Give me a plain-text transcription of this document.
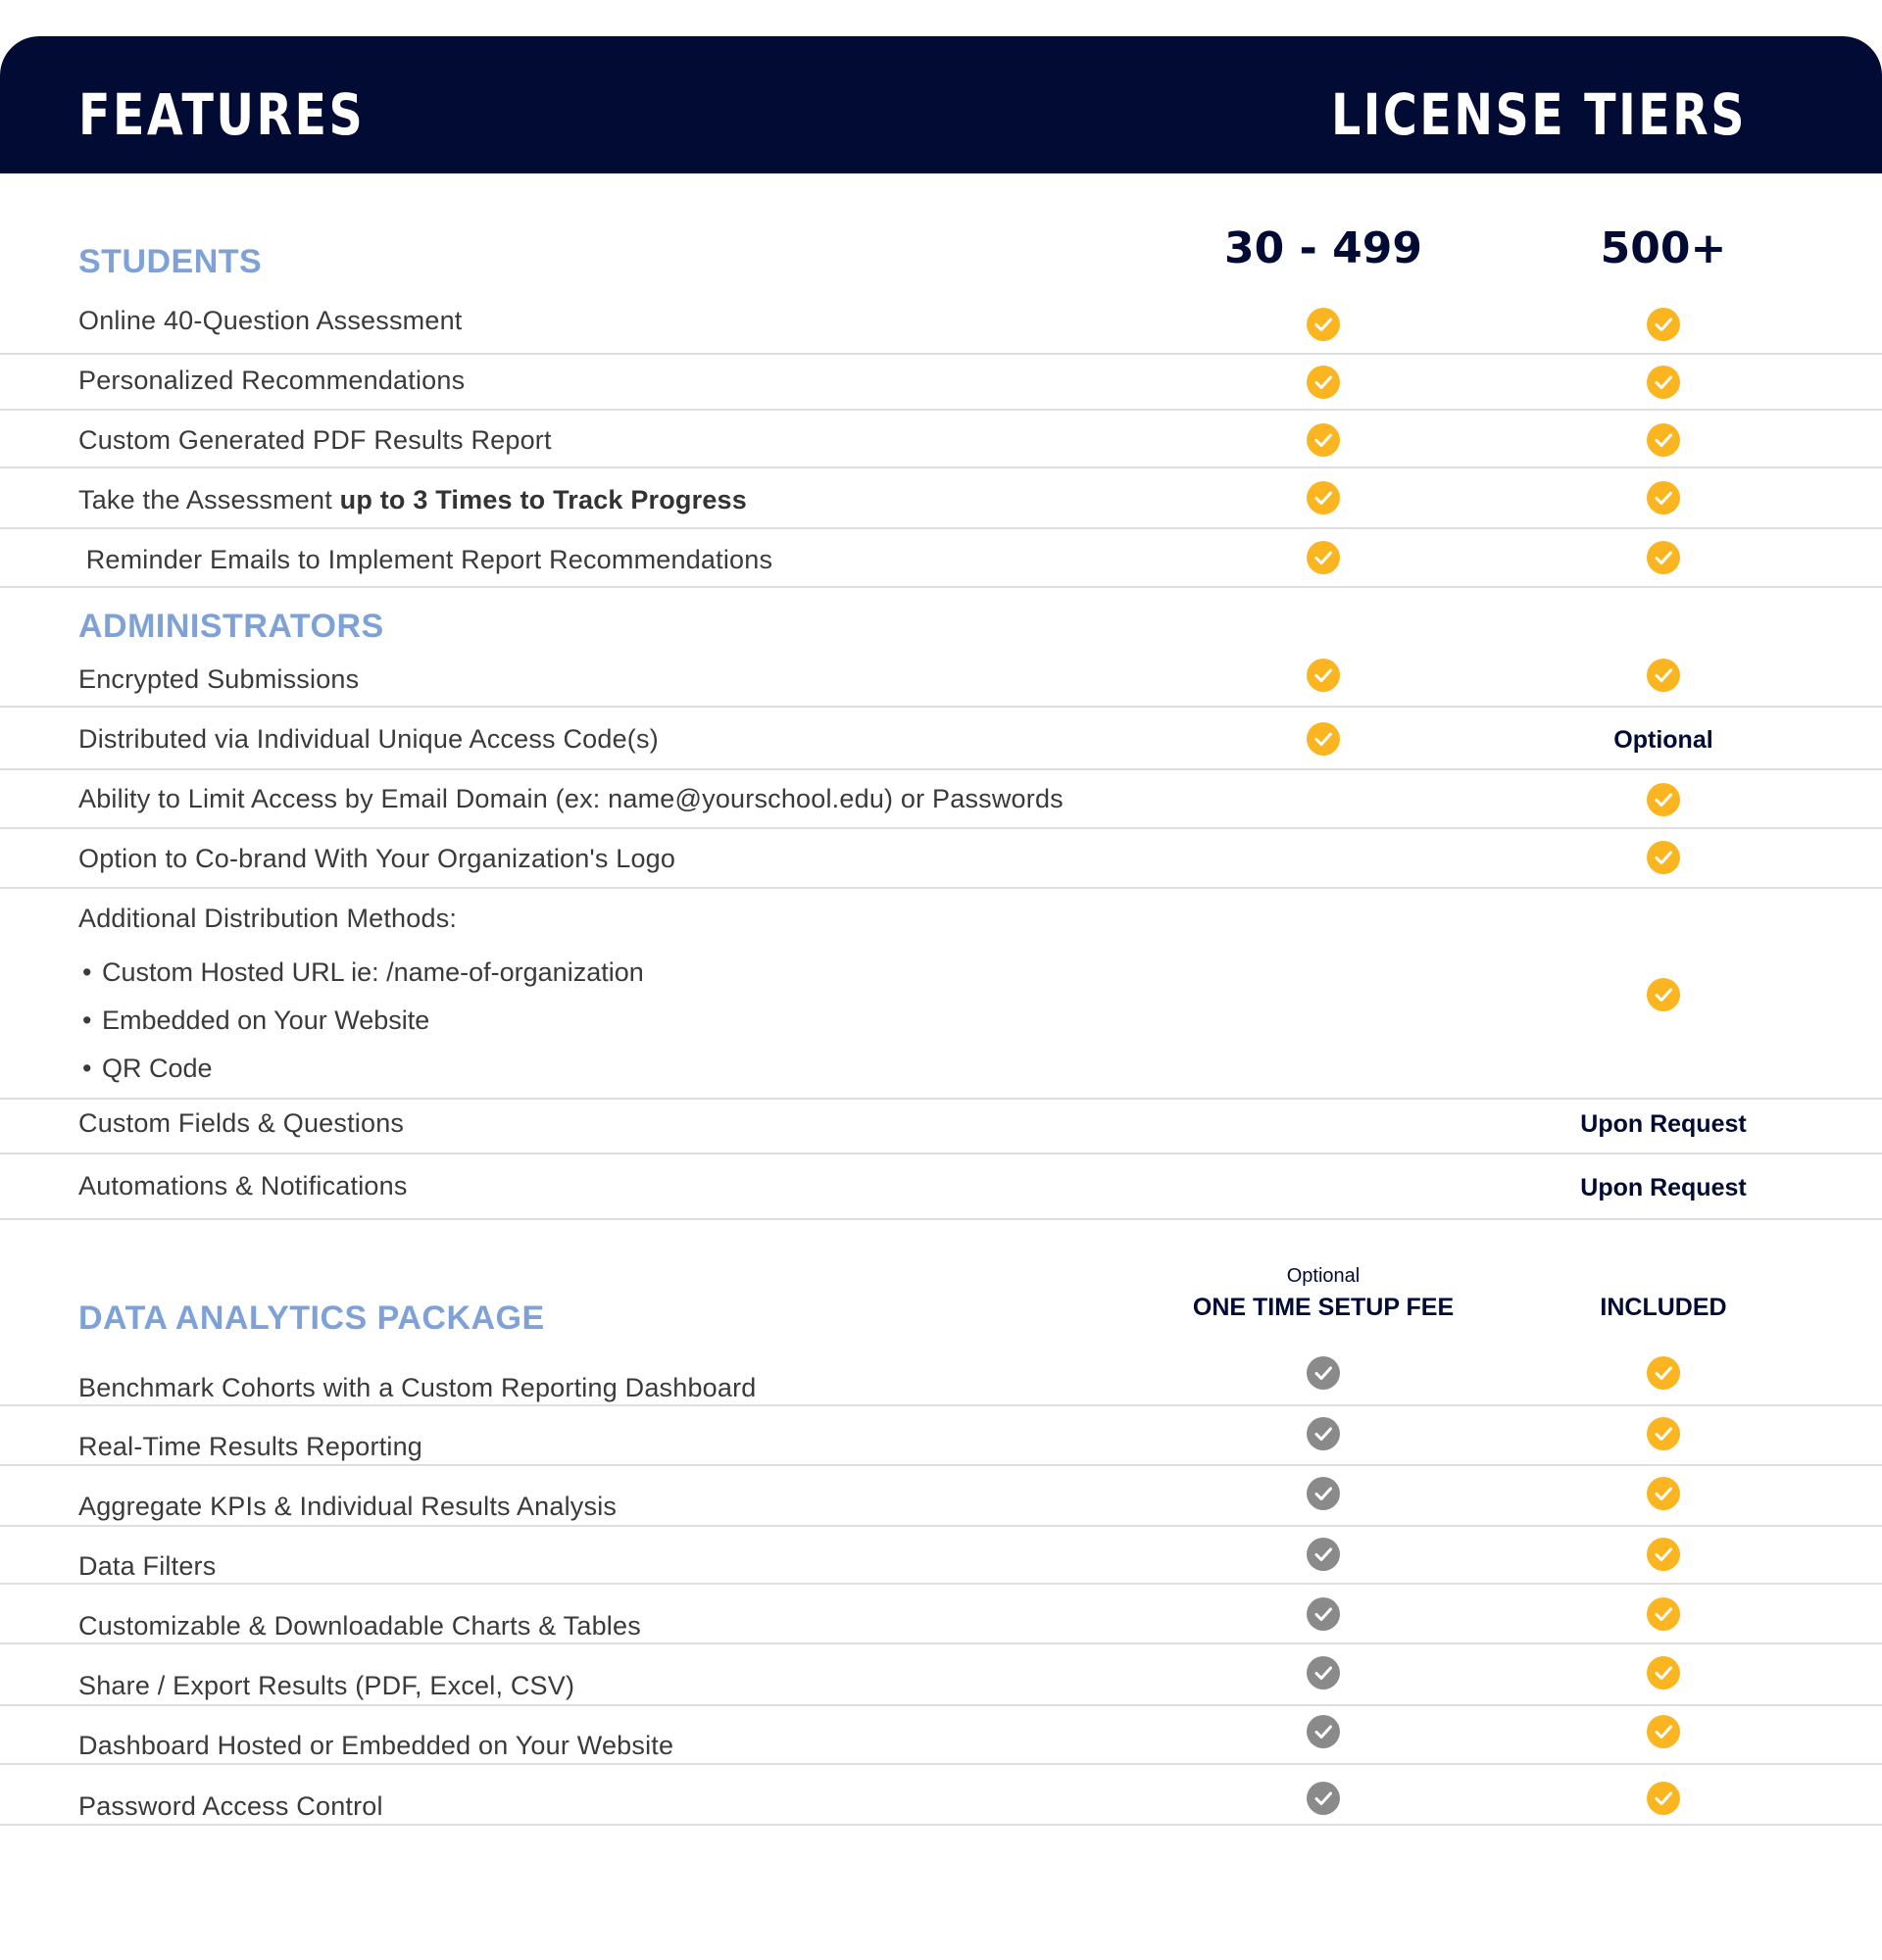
FEATURES	LICENSE TIERS
STUDENTS	30 - 499	500+
Online 40-Question Assessment
Personalized Recommendations
Custom Generated PDF Results Report
Take the Assessment up to 3 Times to Track Progress
Reminder Emails to Implement Report Recommendations
ADMINISTRATORS
Encrypted Submissions
Distributed via Individual Unique Access Code(s)	Optional
Ability to Limit Access by Email Domain (ex: name@yourschool.edu) or Passwords
Option to Co-brand With Your Organization's Logo
Additional Distribution Methods:
• Custom Hosted URL ie: /name-of-organization
• Embedded on Your Website
• QR Code
Custom Fields & Questions	Upon Request
Automations & Notifications	Upon Request
DATA ANALYTICS PACKAGE
Optional
ONE TIME SETUP FEE	INCLUDED
Benchmark Cohorts with a Custom Reporting Dashboard
Real-Time Results Reporting
Aggregate KPIs & Individual Results Analysis
Data Filters
Customizable & Downloadable Charts & Tables
Share / Export Results (PDF, Excel, CSV)
Dashboard Hosted or Embedded on Your Website
Password Access Control
